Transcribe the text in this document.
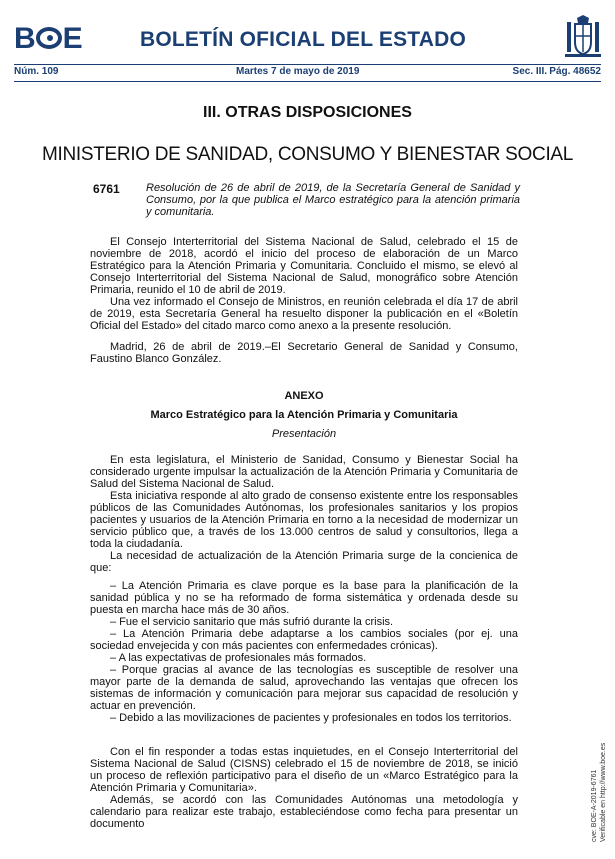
B E	BOLETÍN OFICIAL DEL ESTADO
Núm. 109	Martes 7 de mayo de 2019	Sec. III. Pág. 48652
III. OTRAS DISPOSICIONES
MINISTERIO DE SANIDAD, CONSUMO Y BIENESTAR SOCIAL
6761 Resolución de 26 de abril de 2019, de la Secretaría General de Sanidad y Consumo, por la que publica el Marco estratégico para la atención primaria y comunitaria.

El Consejo Interterritorial del Sistema Nacional de Salud, celebrado el 15 de noviembre de 2018, acordó el inicio del proceso de elaboración de un Marco Estratégico para la Atención Primaria y Comunitaria. Concluido el mismo, se elevó al Consejo Interterritorial del Sistema Nacional de Salud, monográfico sobre Atención Primaria, reunido el 10 de abril de 2019.

Una vez informado el Consejo de Ministros, en reunión celebrada el día 17 de abril de 2019, esta Secretaría General ha resuelto disponer la publicación en el «Boletín Oficial del Estado» del citado marco como anexo a la presente resolución.

Madrid, 26 de abril de 2019.–El Secretario General de Sanidad y Consumo, Faustino Blanco González.

ANEXO

Marco Estratégico para la Atención Primaria y Comunitaria

Presentación

En esta legislatura, el Ministerio de Sanidad, Consumo y Bienestar Social ha considerado urgente impulsar la actualización de la Atención Primaria y Comunitaria de Salud del Sistema Nacional de Salud.

Esta iniciativa responde al alto grado de consenso existente entre los responsables públicos de las Comunidades Autónomas, los profesionales sanitarios y los propios pacientes y usuarios de la Atención Primaria en torno a la necesidad de modernizar un servicio público que, a través de los 13.000 centros de salud y consultorios, llega a toda la ciudadanía.

La necesidad de actualización de la Atención Primaria surge de la concienica de que:

– La Atención Primaria es clave porque es la base para la planificación de la sanidad pública y no se ha reformado de forma sistemática y ordenada desde su puesta en marcha hace más de 30 años.

– Fue el servicio sanitario que más sufrió durante la crisis.

– La Atención Primaria debe adaptarse a los cambios sociales (por ej. una sociedad envejecida y con más pacientes con enfermedades crónicas).

– A las expectativas de profesionales más formados.

– Porque gracias al avance de las tecnologías es susceptible de resolver una mayor parte de la demanda de salud, aprovechando las ventajas que ofrecen los sistemas de información y comunicación para mejorar sus capacidad de resolución y actuar en prevención.

– Debido a las movilizaciones de pacientes y profesionales en todos los territorios.

Con el fin responder a todas estas inquietudes, en el Consejo Interterritorial del Sistema Nacional de Salud (CISNS) celebrado el 15 de noviembre de 2018, se inició un proceso de reflexión participativo para el diseño de un «Marco Estratégico para la Atención Primaria y Comunitaria».

Además, se acordó con las Comunidades Autónomas una metodología y calendario para realizar este trabajo, estableciéndose como fecha para presentar un documento	cve: BOE-A-2019-6761 Verificable en http://www.boe.es
